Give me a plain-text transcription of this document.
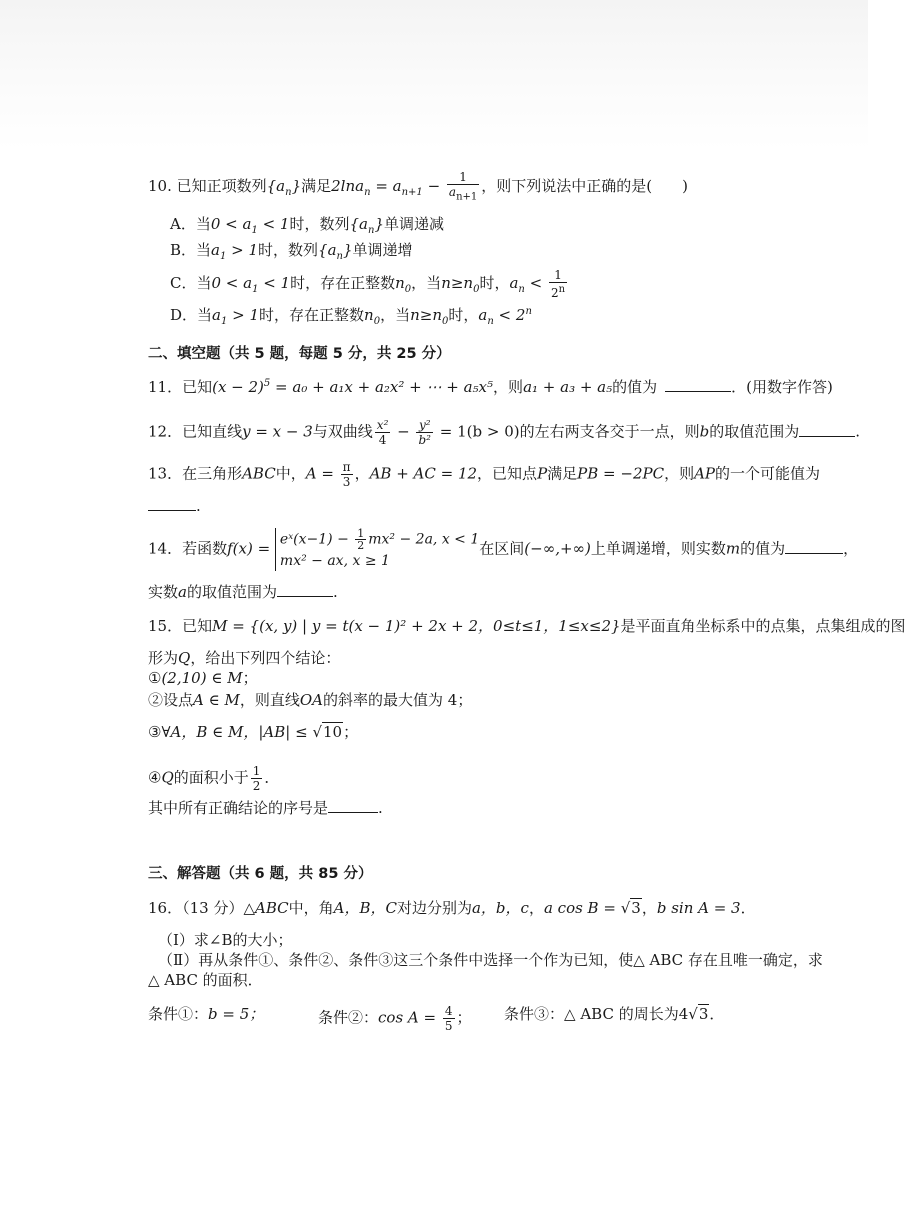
10. 已知正项数列$\{a_n\}$满足$2\ln a_n = a_{n+1} - \frac{1}{a_{n+1}}$ ，则下列说法中正确的是(　　)
A．当$0 < a_1 < 1$时，数列$\{a_n\}$单调递减
B．当$a_1 > 1$时，数列$\{a_n\}$单调递增
C．当$0 < a_1 < 1$时，存在正整数$n_0$，当$n\ge n_0$时，$a_n < \frac{1}{2^n}$
D．当$a_1 > 1$时，存在正整数$n_0$，当$n\ge n_0$时，$a_n < 2^n$
二、填空题（共 5 题，每题 5 分，共 25 分）
11．已知$(x - 2)^5 = a_0 + a_1x + a_2x^2$ + ⋯ + a₅x⁵，则a₁ + a₃ + a₅的值为	．(用数字作答)
12．已知直线y = x − 3与双曲线 $\frac{\text{x²}}{4} - \frac{\text{y²}}{\text{b²}} = 1(b > 0)$的左右两支各交于一点，则b的取值范围为	.
13．在三角形ABC中，$A = \frac{\pi}{3}$ ，AB + AC = 12，已知点P满足PB = −2PC，则AP的一个可能值为
.
14．若函数f(x) = eˣ(x−1) − $\frac{1}{2} mx^2 - 2a$, x < 1
mx² − ax, x ≥ 1
在区间(−∞,+∞)上单调递增，则实数m的值为	，
实数a的取值范围为	.
15．已知M = {(x, y) | y = t(x − 1)² + 2x + 2，0≤t≤1，1≤x≤2}是平面直角坐标系中的点集，点集组成的图
形为Q，给出下列四个结论：
①(2,10) ∈ M；
②设点A ∈ M，则直线OA的斜率的最大值为 4；
③∀A，B ∈ M，|AB| ≤ √10；
④Q的面积小于 $\frac{1}{2}$ ．
其中所有正确结论的序号是	.
三、解答题（共 6 题，共 85 分）
16．（13 分）△ABC中，角A，B，C对边分别为a，b，c，a cos B = √3，b sin A = 3．
（Ⅰ）求∠B的大小；
（Ⅱ）再从条件①、条件②、条件③这三个条件中选择一个作为已知，使△ ABC 存在且唯一确定，求
△ ABC 的面积．
条件①：b = 5；	条件②：$\cos A = \frac{4}{5}$ ； 条件③：△ ABC 的周长为4√3．
